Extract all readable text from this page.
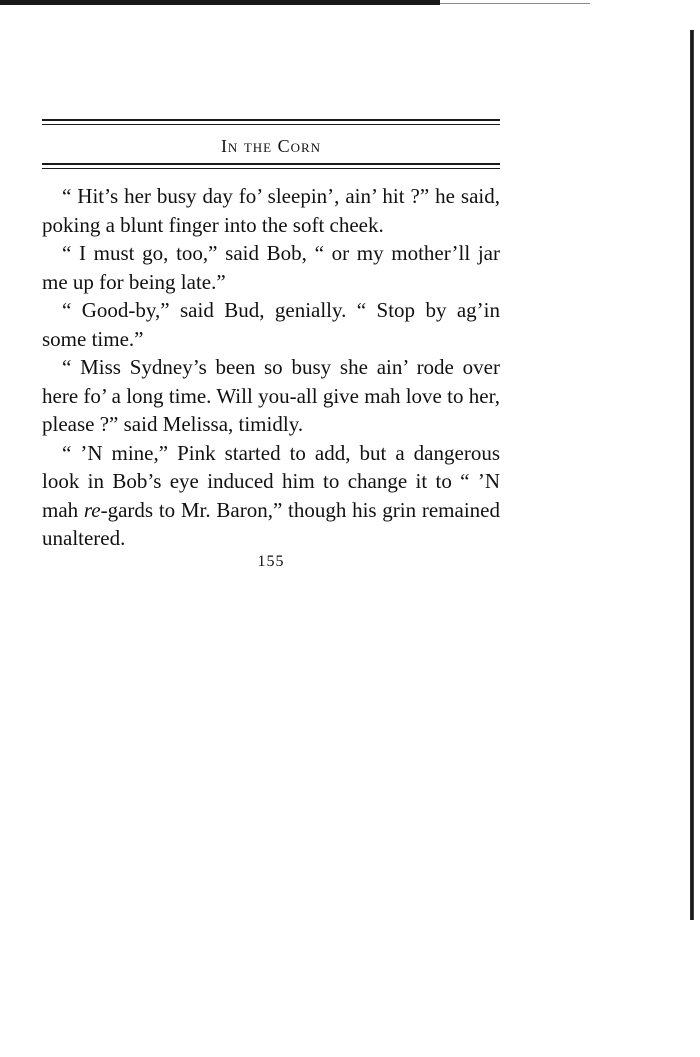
In the Corn

“ Hit’s her busy day fo’ sleepin’, ain’ hit ?” he said, poking a blunt finger into the soft cheek.

“ I must go, too,” said Bob, “ or my mother’ll jar me up for being late.”

“ Good-by,” said Bud, genially. “ Stop by ag’in some time.”

“ Miss Sydney’s been so busy she ain’ rode over here fo’ a long time. Will you-all give mah love to her, please ?” said Melissa, timidly.

“ ’N mine,” Pink started to add, but a dangerous look in Bob’s eye induced him to change it to “ ’N mah re-gards to Mr. Baron,” though his grin remained unaltered.

155
